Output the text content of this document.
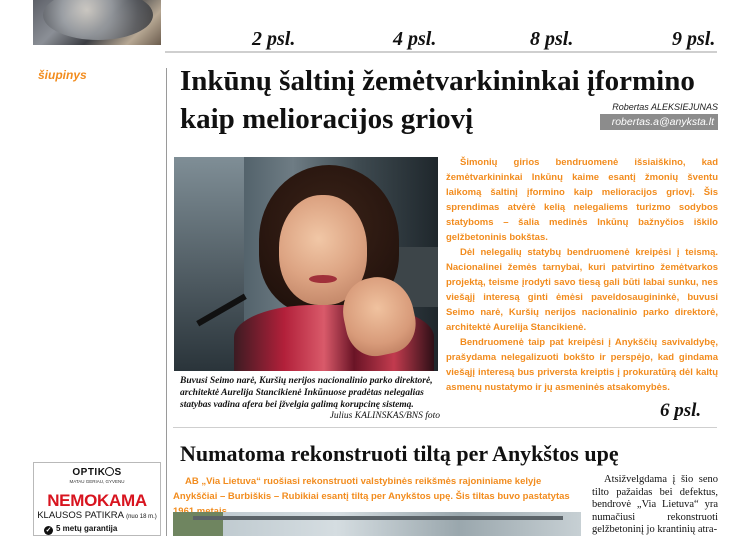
2 psl.	4 psl.	8 psl.	9 psl.
šiupinys	Inkūnų šaltinį žemėtvarkininkai įformino kaip melioracijos griovį	Robertas ALEKSIEJUNAS
robertas.a@anyksta.lt
Buvusi Seimo narė, Kuršių nerijos nacionalinio parko direktorė, architektė Aurelija Stancikienė Inkūnuose pradėtas nelegalias statybas vadina afera bei įžvelgia galimą korupcinę sistemą.
Julius KALINSKAS/BNS foto

Šimonių girios bendruomenė išsiaiškino, kad žemėtvarkininkai Inkūnų kaime esantį žmonių šventu laikomą šaltinį įformino kaip melioracijos griovį. Šis sprendimas atvėrė kelią nelegaliems turizmo sodybos statyboms – šalia medinės Inkūnų bažnyčios iškilo gelžbetoninis bokštas.

Dėl nelegalių statybų bendruomenė kreipėsi į teismą. Nacionalinei žemės tarnybai, kuri patvirtino žemėtvarkos projektą, teisme įrodyti savo tiesą gali būti labai sunku, nes viešąjį interesą ginti ėmėsi paveldosaugininkė, buvusi Seimo narė, Kuršių nerijos nacionalinio parko direktorė, architektė Aurelija Stancikienė.

Bendruomenė taip pat kreipėsi į Anykščių savivaldybę, prašydama nelegalizuoti bokšto ir perspėjo, kad gindama viešąjį interesą bus priversta kreiptis į prokuratūrą dėl kaltų asmenų nustatymo ir jų asmeninės atsakomybės.

6 psl.
Numatoma rekonstruoti tiltą per Anykštos upę

AB „Via Lietuva“ ruošiasi rekonstruoti valstybinės reikšmės rajoniniame kelyje Anykščiai – Burbiškis – Rubikiai esantį tiltą per Anykštos upę. Šis tiltas buvo pastatytas

Atsižvelgdama į šio seno tilto pažaidas bei defektus, bendrovė „Via Lietuva“ yra numačiusi rekonstruoti gelžbetoninį jo krantinių atra-

OPTIK S
MATAU GERIAU, GYVENU
NEMOKAMA
KLAUSOS PATIKRA (nuo 18 m.)
✓ 5 metų garantija
